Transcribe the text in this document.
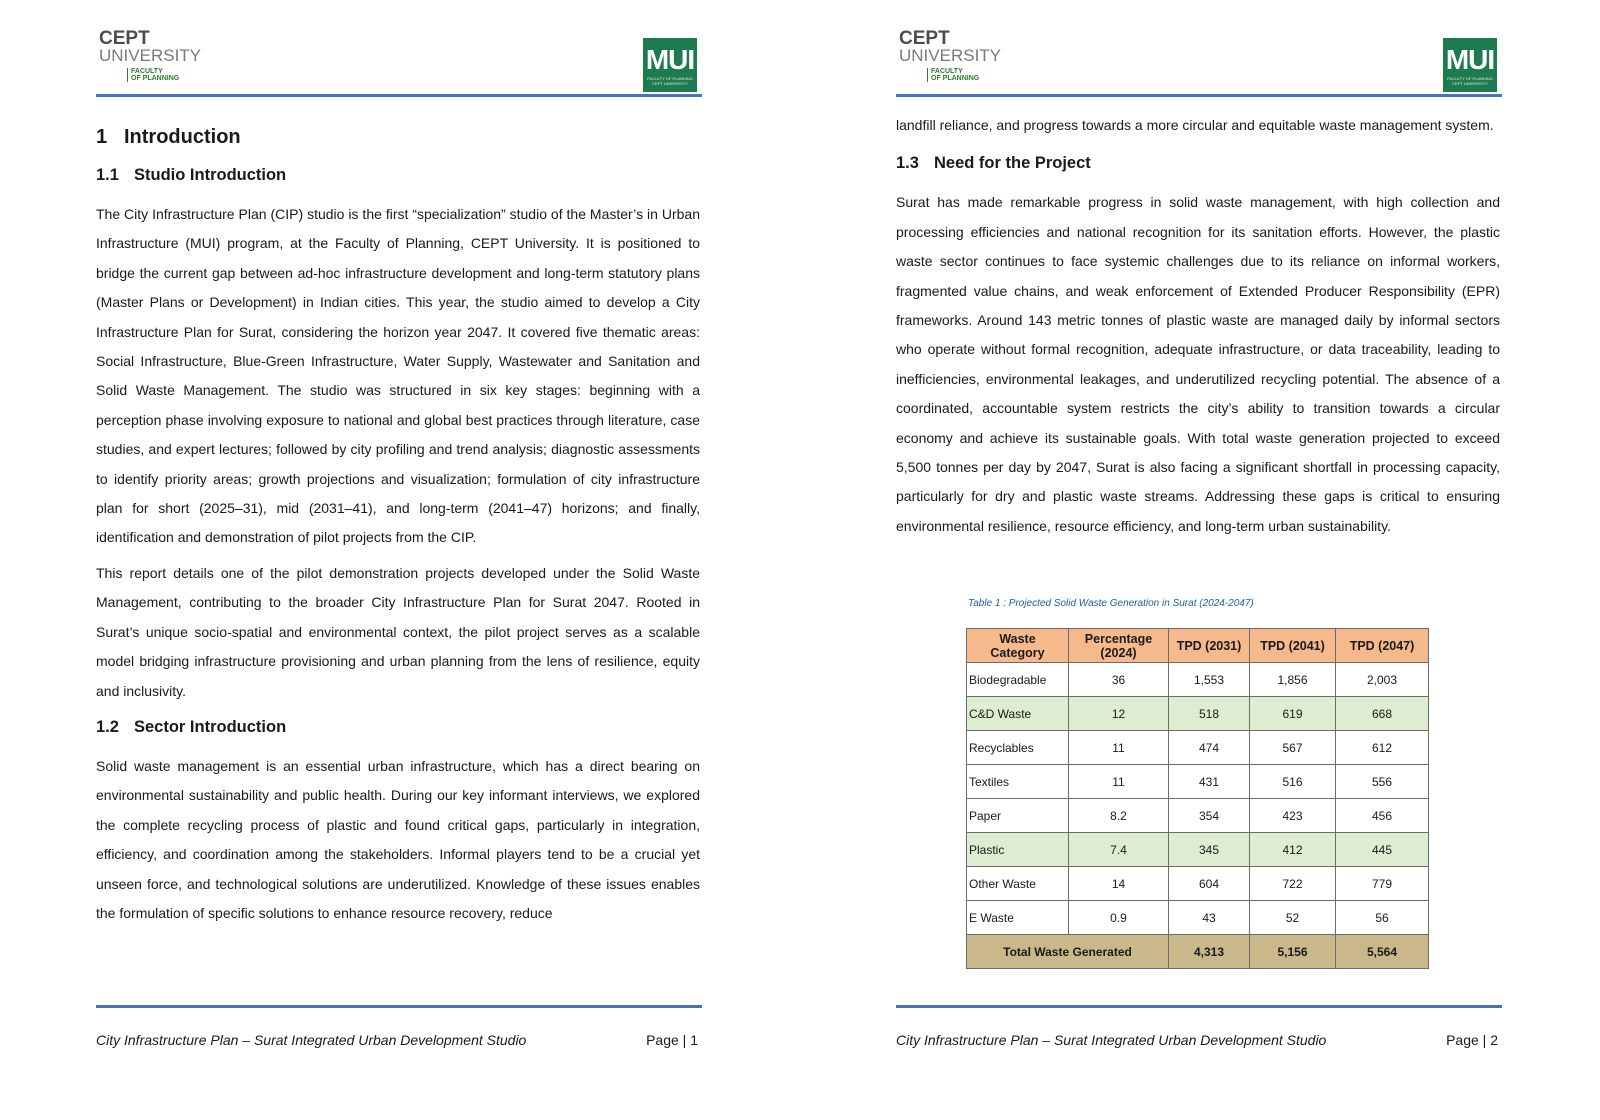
CEPT
UNIVERSITY
FACULTY
OF PLANNING
MUI
FACULTY OF PLANNING
CEPT UNIVERSITY
1 Introduction
1.1 Studio Introduction

The City Infrastructure Plan (CIP) studio is the first “specialization” studio of the Master’s in Urban Infrastructure (MUI) program, at the Faculty of Planning, CEPT University. It is positioned to bridge the current gap between ad-hoc infrastructure development and long-term statutory plans (Master Plans or Development) in Indian cities. This year, the studio aimed to develop a City Infrastructure Plan for Surat, considering the horizon year 2047. It covered five thematic areas: Social Infrastructure, Blue-Green Infrastructure, Water Supply, Wastewater and Sanitation and Solid Waste Management. The studio was structured in six key stages: beginning with a perception phase involving exposure to national and global best practices through literature, case studies, and expert lectures; followed by city profiling and trend analysis; diagnostic assessments to identify priority areas; growth projections and visualization; formulation of city infrastructure plan for short (2025–31), mid (2031–41), and long-term (2041–47) horizons; and finally, identification and demonstration of pilot projects from the CIP.

This report details one of the pilot demonstration projects developed under the Solid Waste Management, contributing to the broader City Infrastructure Plan for Surat 2047. Rooted in Surat’s unique socio-spatial and environmental context, the pilot project serves as a scalable model bridging infrastructure provisioning and urban planning from the lens of resilience, equity and inclusivity.

1.2 Sector Introduction

Solid waste management is an essential urban infrastructure, which has a direct bearing on environmental sustainability and public health. During our key informant interviews, we explored the complete recycling process of plastic and found critical gaps, particularly in integration, efficiency, and coordination among the stakeholders. Informal players tend to be a crucial yet unseen force, and technological solutions are underutilized. Knowledge of these issues enables the formulation of specific solutions to enhance resource recovery, reduce

City Infrastructure Plan – Surat Integrated Urban Development Studio	Page | 1
CEPT
UNIVERSITY
FACULTY
OF PLANNING
MUI
FACULTY OF PLANNING
CEPT UNIVERSITY

landfill reliance, and progress towards a more circular and equitable waste management system.

1.3 Need for the Project

Surat has made remarkable progress in solid waste management, with high collection and processing efficiencies and national recognition for its sanitation efforts. However, the plastic waste sector continues to face systemic challenges due to its reliance on informal workers, fragmented value chains, and weak enforcement of Extended Producer Responsibility (EPR) frameworks. Around 143 metric tonnes of plastic waste are managed daily by informal sectors who operate without formal recognition, adequate infrastructure, or data traceability, leading to inefficiencies, environmental leakages, and underutilized recycling potential. The absence of a coordinated, accountable system restricts the city’s ability to transition towards a circular economy and achieve its sustainable goals. With total waste generation projected to exceed 5,500 tonnes per day by 2047, Surat is also facing a significant shortfall in processing capacity, particularly for dry and plastic waste streams. Addressing these gaps is critical to ensuring environmental resilience, resource efficiency, and long-term urban sustainability.

City Infrastructure Plan – Surat Integrated Urban Development Studio	Page | 2
Table 1 : Projected Solid Waste Generation in Surat (2024-2047)
Waste Category	Percentage (2024)	TPD (2031)	TPD (2041)	TPD (2047)
Biodegradable	36	1,553	1,856	2,003
C&D Waste	12	518	619	668
Recyclables	11	474	567	612
Textiles	11	431	516	556
Paper	8.2	354	423	456
Plastic	7.4	345	412	445
Other Waste	14	604	722	779
E Waste	0.9	43	52	56
Total Waste Generated		4,313	5,156	5,564
